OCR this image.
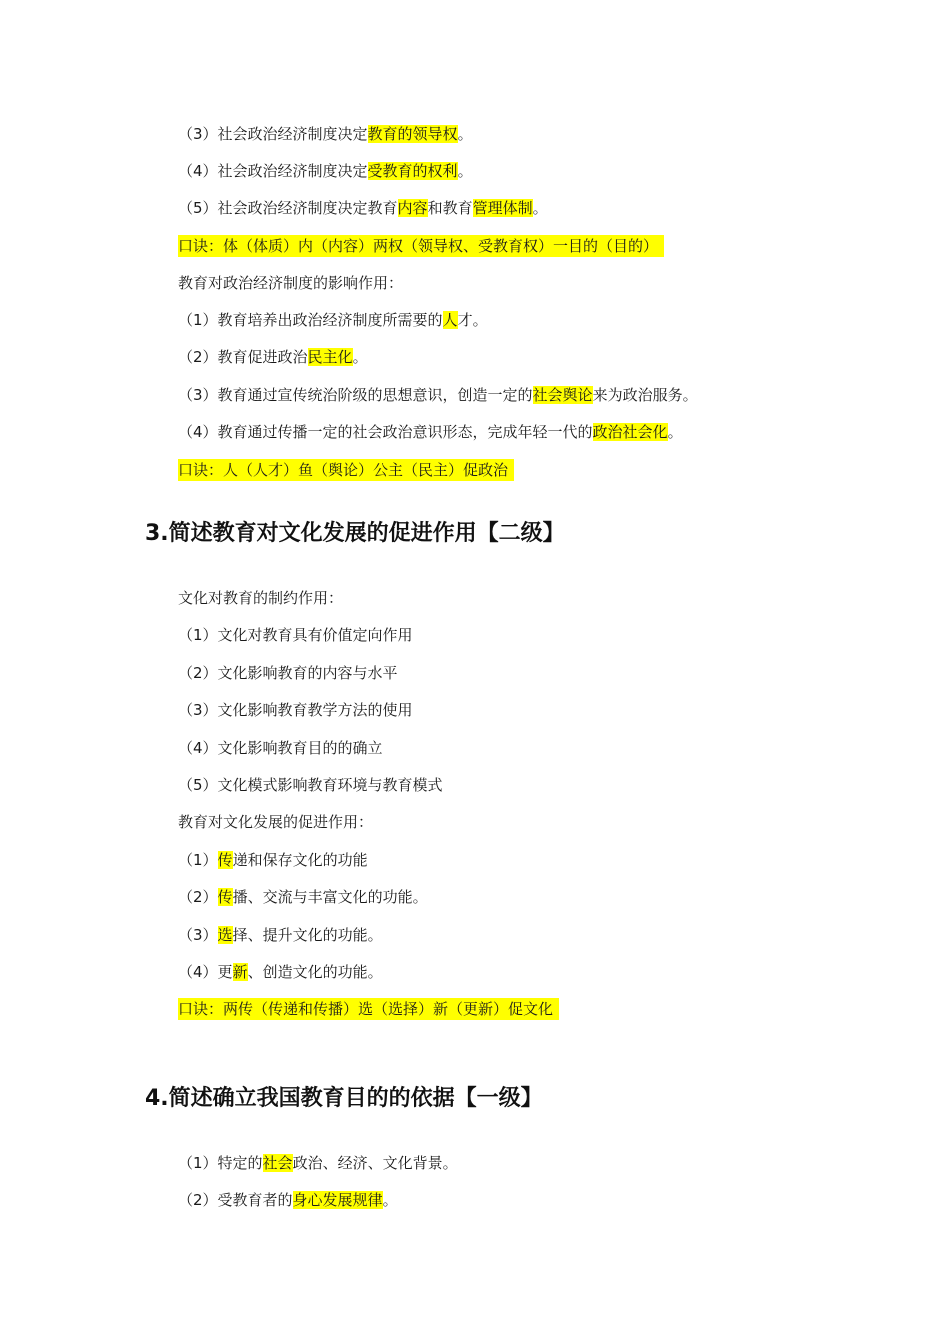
（3）社会政治经济制度决定教育的领导权。
（4）社会政治经济制度决定受教育的权利。
（5）社会政治经济制度决定教育内容和教育管理体制。
口诀：体（体质）内（内容）两权（领导权、受教育权）一目的（目的）
教育对政治经济制度的影响作用：
（1）教育培养出政治经济制度所需要的人才。
（2）教育促进政治民主化。
（3）教育通过宣传统治阶级的思想意识，创造一定的社会舆论来为政治服务。
（4）教育通过传播一定的社会政治意识形态，完成年轻一代的政治社会化。
口诀：人（人才）鱼（舆论）公主（民主）促政治
3.简述教育对文化发展的促进作用【二级】
文化对教育的制约作用：
（1）文化对教育具有价值定向作用
（2）文化影响教育的内容与水平
（3）文化影响教育教学方法的使用
（4）文化影响教育目的的确立
（5）文化模式影响教育环境与教育模式
教育对文化发展的促进作用：
（1）传递和保存文化的功能
（2）传播、交流与丰富文化的功能。
（3）选择、提升文化的功能。
（4）更新、创造文化的功能。
口诀：两传（传递和传播）选（选择）新（更新）促文化
4.简述确立我国教育目的的依据【一级】
（1）特定的社会政治、经济、文化背景。
（2）受教育者的身心发展规律。
